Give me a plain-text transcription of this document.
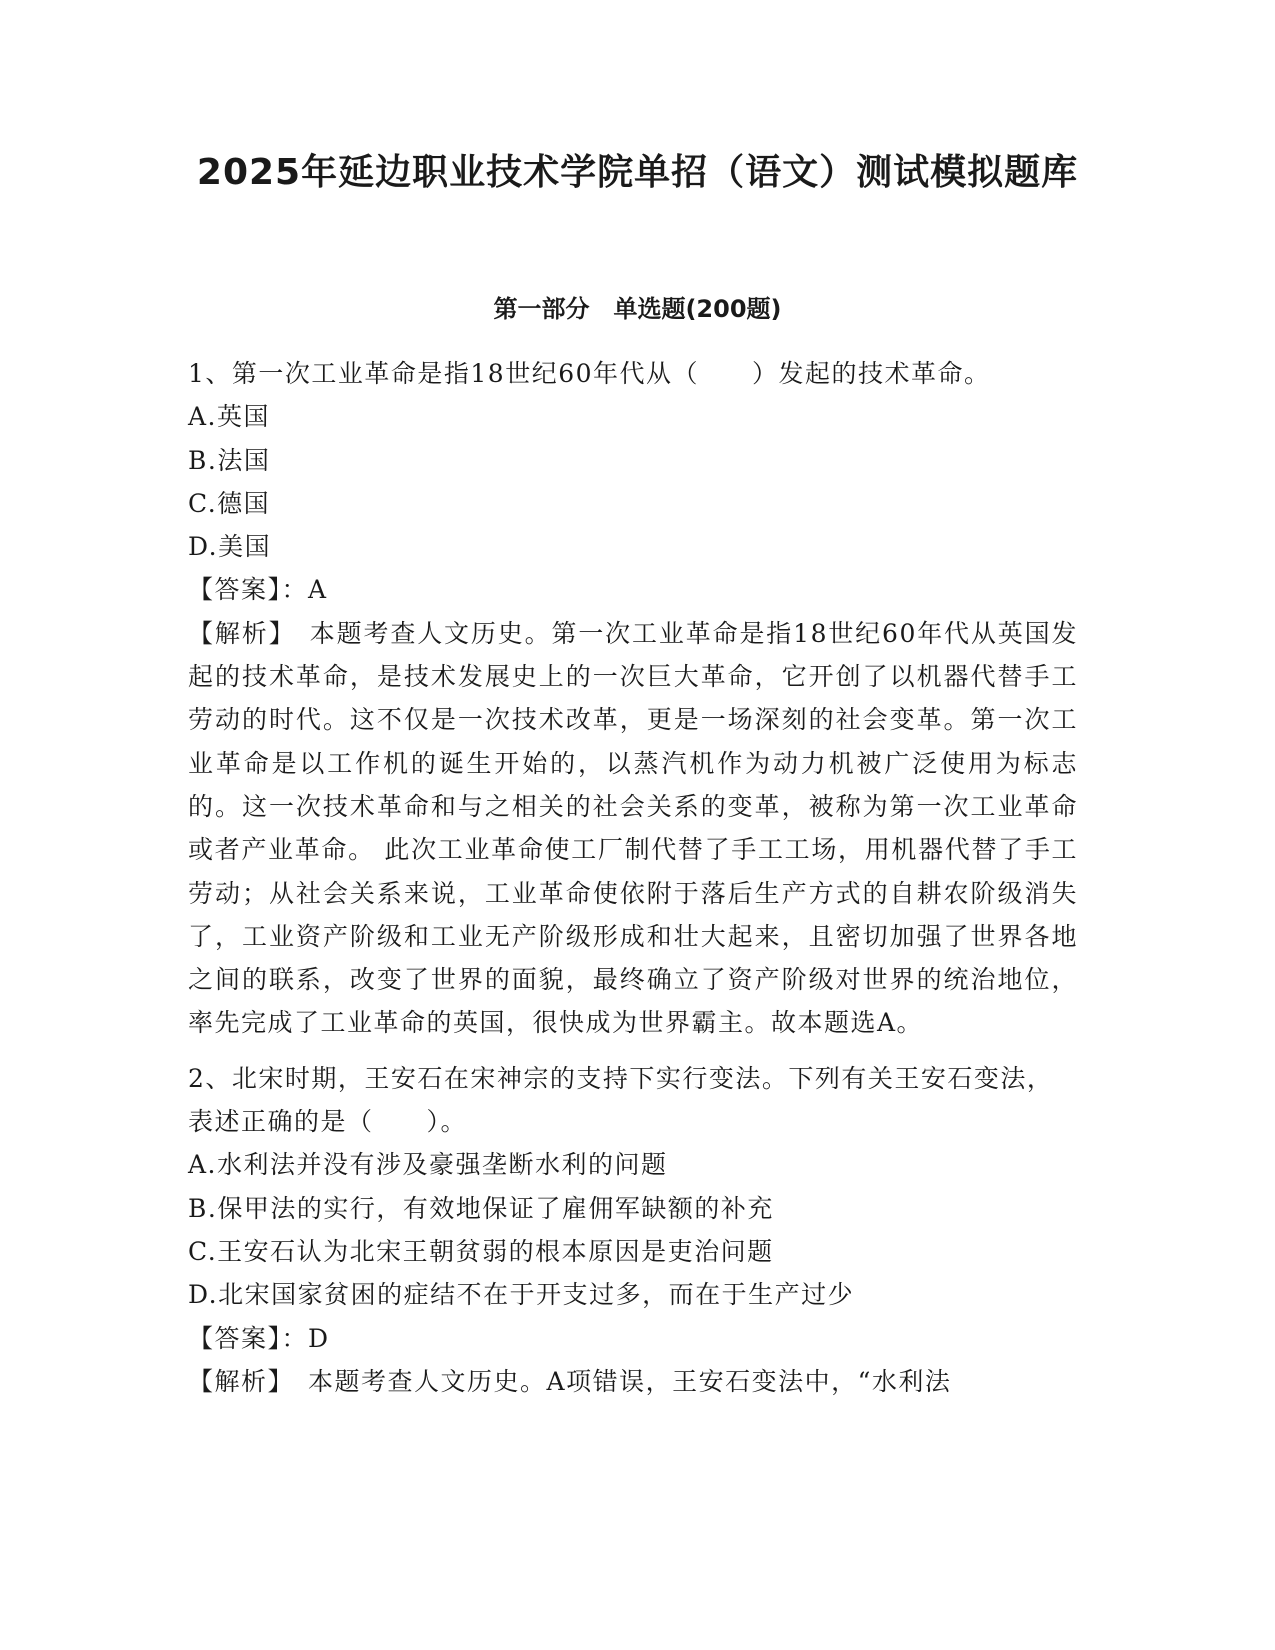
2025年延边职业技术学院单招（语文）测试模拟题库
第一部分　单选题(200题)

1、第一次工业革命是指18世纪60年代从（　　）发起的技术革命。

A.英国

B.法国

C.德国

D.美国

【答案】：A

【解析】　本题考查人文历史。第一次工业革命是指18世纪60年代从英国发起的技术革命，是技术发展史上的一次巨大革命，它开创了以机器代替手工劳动的时代。这不仅是一次技术改革，更是一场深刻的社会变革。第一次工业革命是以工作机的诞生开始的，以蒸汽机作为动力机被广泛使用为标志的。这一次技术革命和与之相关的社会关系的变革，被称为第一次工业革命或者产业革命。 此次工业革命使工厂制代替了手工工场，用机器代替了手工劳动；从社会关系来说，工业革命使依附于落后生产方式的自耕农阶级消失了，工业资产阶级和工业无产阶级形成和壮大起来，且密切加强了世界各地之间的联系，改变了世界的面貌，最终确立了资产阶级对世界的统治地位，率先完成了工业革命的英国，很快成为世界霸主。故本题选A。

2、北宋时期，王安石在宋神宗的支持下实行变法。下列有关王安石变法，表述正确的是（　　）。

A.水利法并没有涉及豪强垄断水利的问题

B.保甲法的实行，有效地保证了雇佣军缺额的补充

C.王安石认为北宋王朝贫弱的根本原因是吏治问题

D.北宋国家贫困的症结不在于开支过多，而在于生产过少

【答案】：D

【解析】　本题考查人文历史。A项错误，王安石变法中，“水利法
